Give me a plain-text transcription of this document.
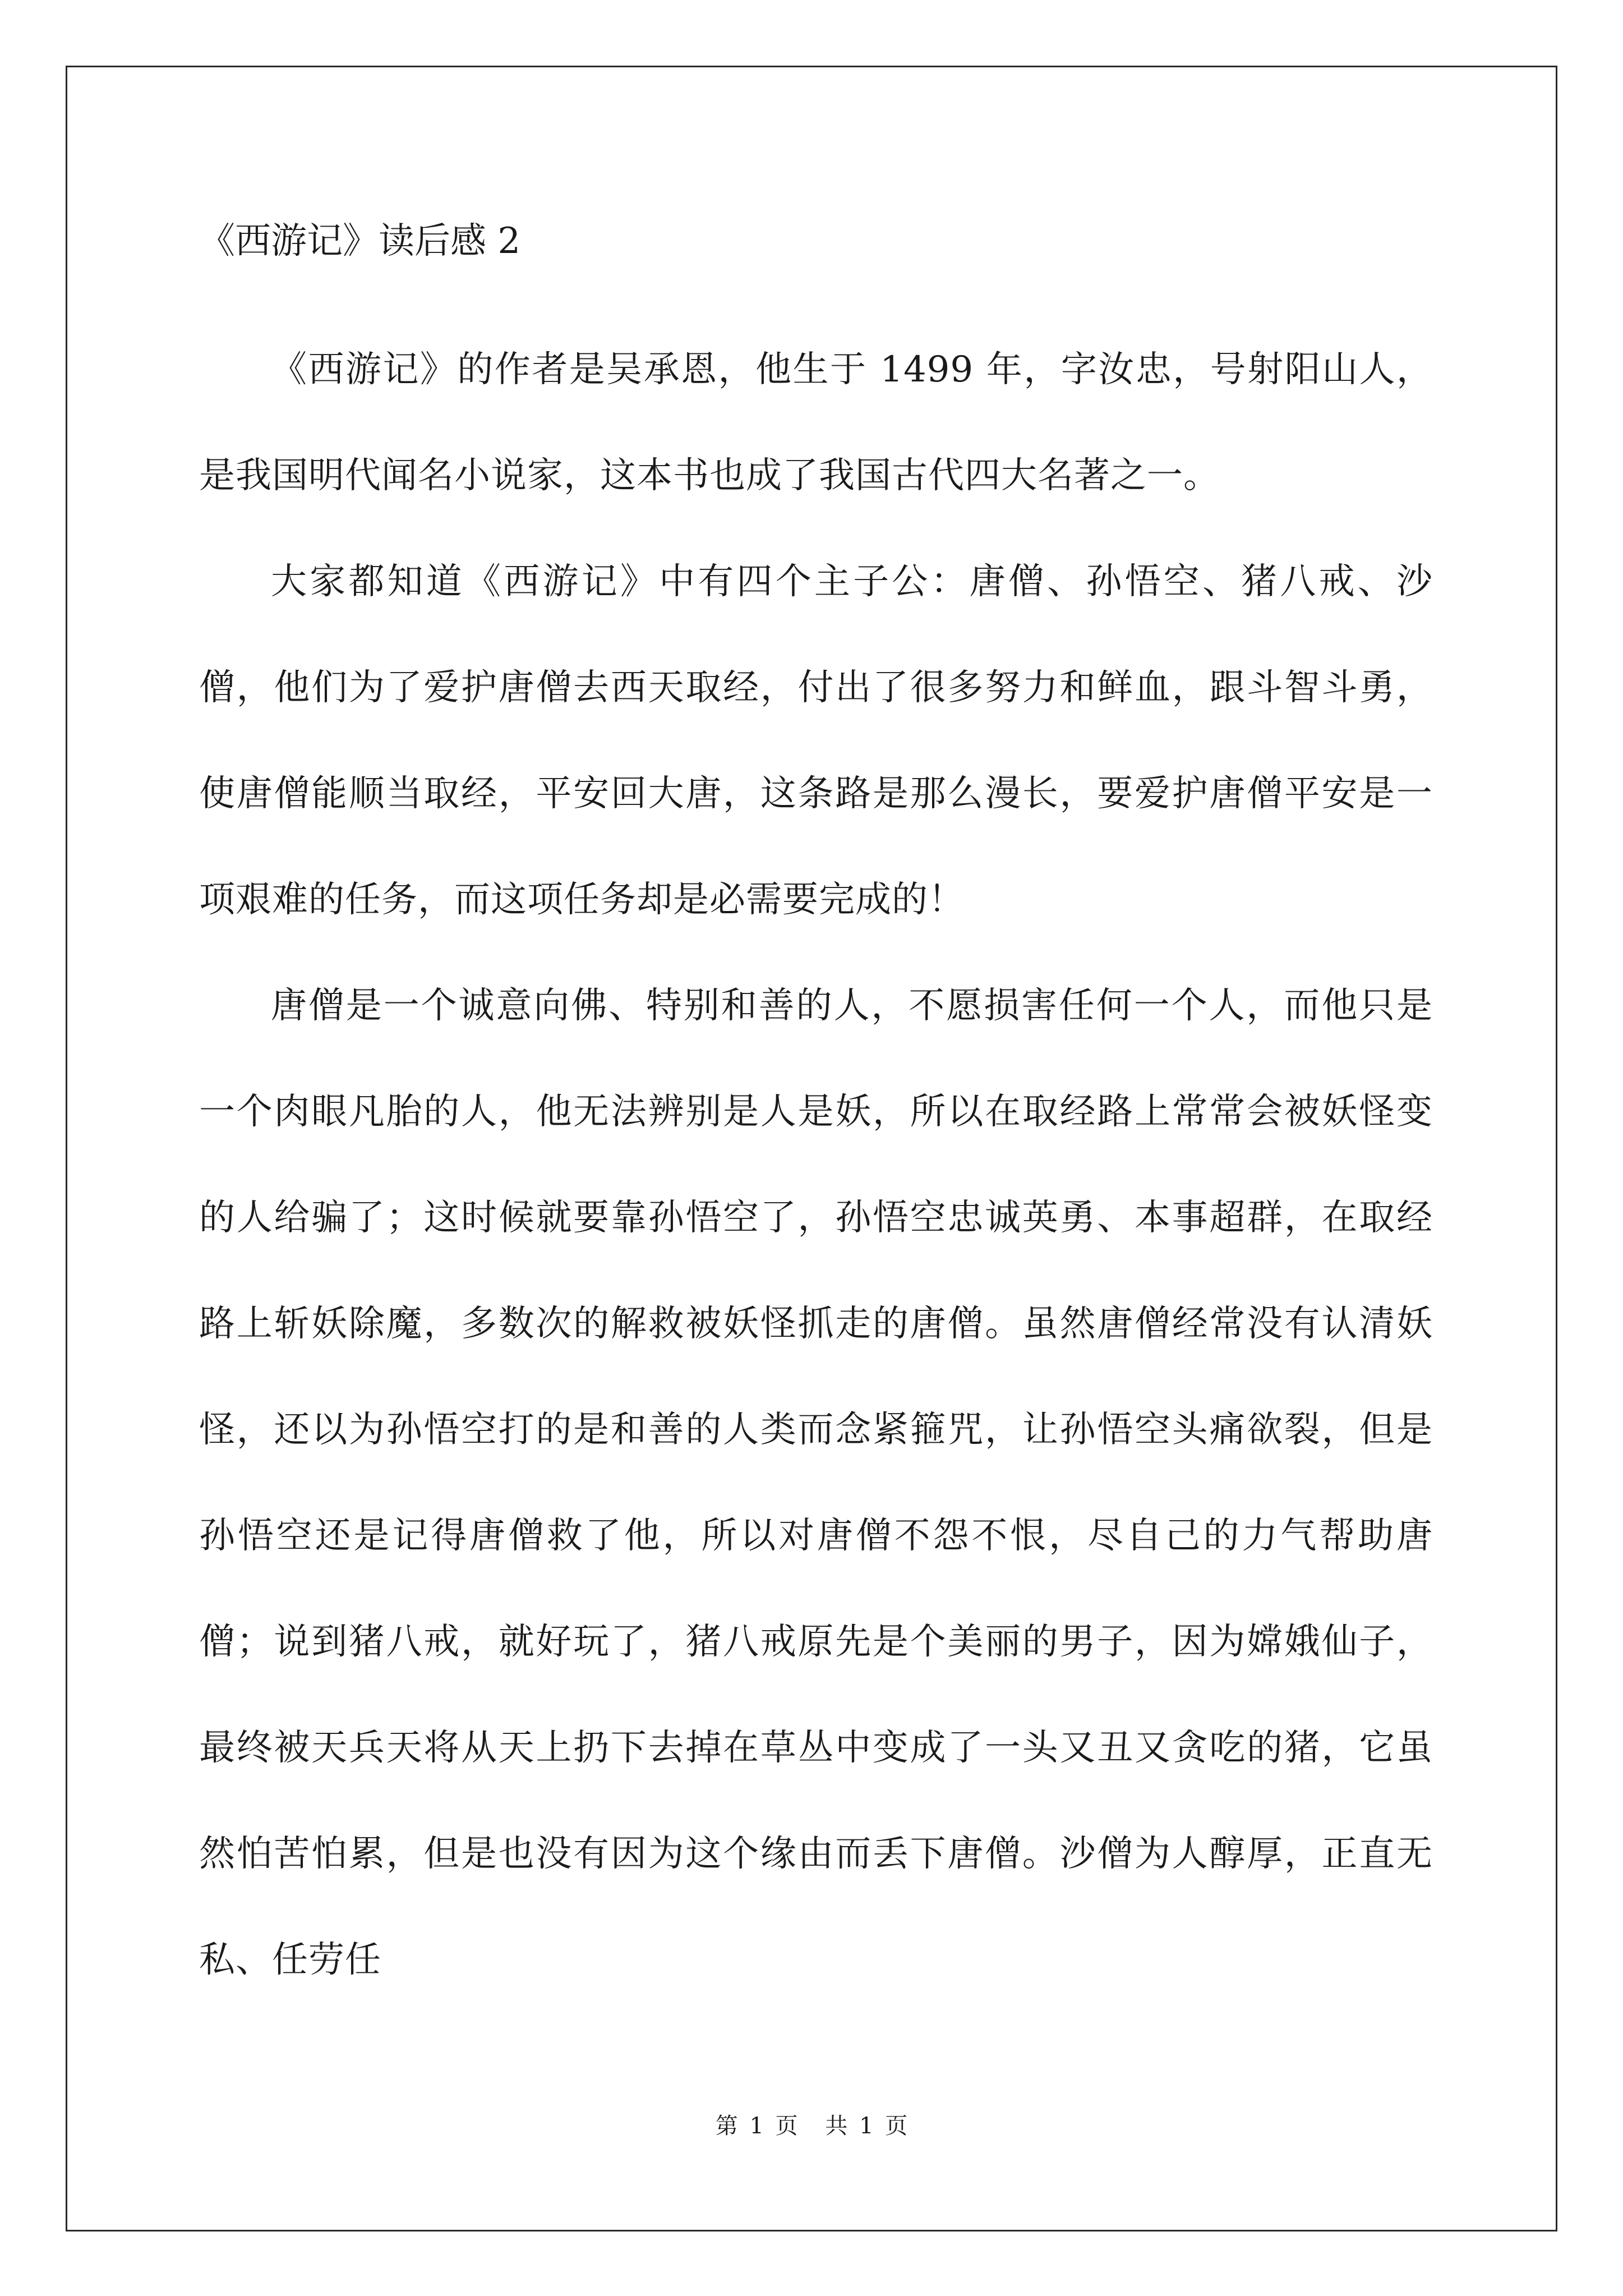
《西游记》读后感 2

《西游记》的作者是吴承恩，他生于 1499 年，字汝忠，号射阳山人，是我国明代闻名小说家，这本书也成了我国古代四大名著之一。

大家都知道《西游记》中有四个主子公：唐僧、孙悟空、猪八戒、沙僧，他们为了爱护唐僧去西天取经，付出了很多努力和鲜血，跟斗智斗勇，使唐僧能顺当取经，平安回大唐，这条路是那么漫长，要爱护唐僧平安是一项艰难的任务，而这项任务却是必需要完成的！

唐僧是一个诚意向佛、特别和善的人，不愿损害任何一个人，而他只是一个肉眼凡胎的人，他无法辨别是人是妖，所以在取经路上常常会被妖怪变的人给骗了；这时候就要靠孙悟空了，孙悟空忠诚英勇、本事超群，在取经路上斩妖除魔，多数次的解救被妖怪抓走的唐僧。虽然唐僧经常没有认清妖怪，还以为孙悟空打的是和善的人类而念紧箍咒，让孙悟空头痛欲裂，但是孙悟空还是记得唐僧救了他，所以对唐僧不怨不恨，尽自己的力气帮助唐僧；说到猪八戒，就好玩了，猪八戒原先是个美丽的男子，因为嫦娥仙子，最终被天兵天将从天上扔下去掉在草丛中变成了一头又丑又贪吃的猪，它虽然怕苦怕累，但是也没有因为这个缘由而丢下唐僧。沙僧为人醇厚，正直无私、任劳任

第 1 页 共 1 页
